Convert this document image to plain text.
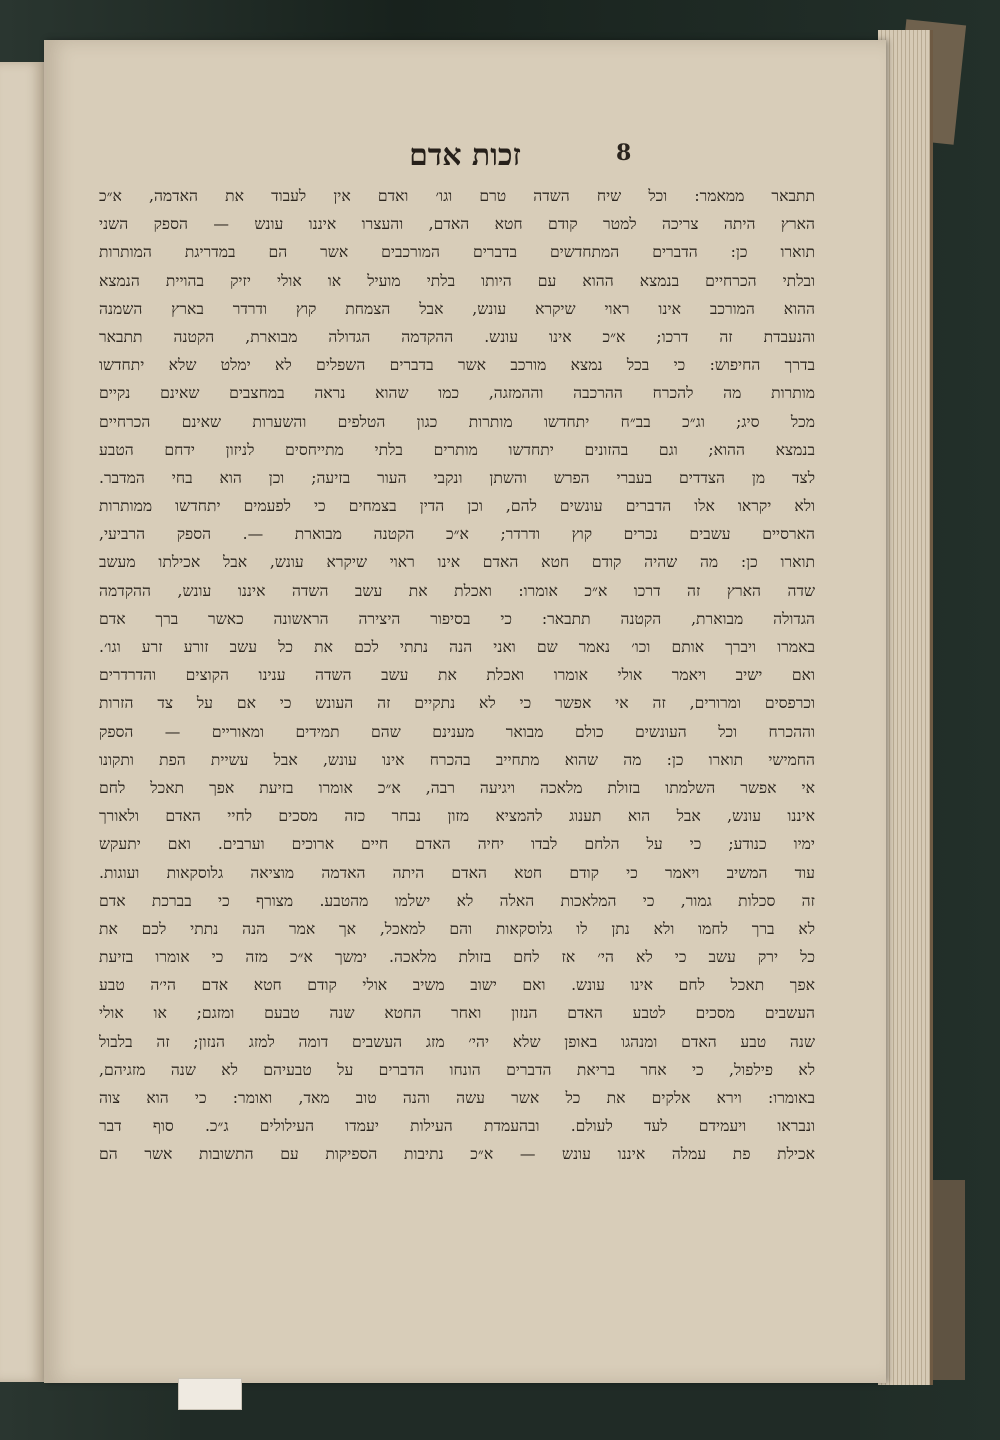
זכות אדם	8
תתבאר ממאמר: וכל שיח השדה טרם וגו׳ ואדם אין לעבוד את האדמה, א״כ
הארץ היתה צריכה למטר קודם חטא האדם, והעצרו איננו עונש — הספק השני
תוארו כן: הדברים המתחדשים בדברים המורכבים אשר הם במדריגת המותרות
ובלתי הכרחיים בנמצא ההוא עם היותו בלתי מועיל או אולי יזיק בהויית הנמצא
ההוא המורכב אינו ראוי שיקרא עונש, אבל הצמחת קוץ ודרדר בארץ השמנה
והנעבדת זה דרכו; א״כ אינו עונש. ההקדמה הגדולה מבוארת, הקטנה תתבאר
בדרך החיפוש: כי בכל נמצא מורכב אשר בדברים השפלים לא ימלט שלא יתחדשו
מותרות מה להכרח ההרכבה וההמזגה, כמו שהוא נראה במחצבים שאינם נקיים
מכל סיג; וג״כ בב״ח יתחדשו מותרות כגון הטלפים והשערות שאינם הכרחיים
בנמצא ההוא; וגם בהזונים יתחדשו מותרים בלתי מתייחסים לניזון ידחם הטבע
לצד מן הצדדים בעברי הפרש והשתן ונקבי העור בזיעה; וכן הוא בחי המדבר.
ולא יקראו אלו הדברים עונשים להם, וכן הדין בצמחים כי לפעמים יתחדשו ממותרות
הארסיים עשבים נכרים קוץ ודרדר; א״כ הקטנה מבוארת —. הספק הרביעי,
תוארו כן: מה שהיה קודם חטא האדם אינו ראוי שיקרא עונש, אבל אכילתו מעשב
שדה הארץ זה דרכו א״כ אומרו: ואכלת את עשב השדה איננו עונש, ההקדמה
הגדולה מבוארת, הקטנה תתבאר: כי בסיפור היצירה הראשונה כאשר ברך אדם
באמרו ויברך אותם וכו׳ נאמר שם ואני הנה נתתי לכם את כל עשב זורע זרע וגו׳.
ואם ישיב ויאמר אולי אומרו ואכלת את עשב השדה ענינו הקוצים והדרדרים
וכרפסים ומרורים, זה אי אפשר כי לא נתקיים זה העונש כי אם על צד הזרות
וההכרח וכל העונשים כולם מבואר מענינם שהם תמידים ומאוריים — הספק
החמישי תוארו כן: מה שהוא מתחייב בהכרח אינו עונש, אבל עשיית הפת ותקונו
אי אפשר השלמתו בזולת מלאכה ויגיעה רבה, א״כ אומרו בזיעת אפך תאכל לחם
איננו עונש, אבל הוא תענוג להמציא מזון נבחר כזה מסכים לחיי האדם ולאורך
ימיו כנודע; כי על הלחם לבדו יחיה האדם חיים ארוכים וערבים. ואם יתעקש
עוד המשיב ויאמר כי קודם חטא האדם היתה האדמה מוציאה גלוסקאות ועוגות.
זה סכלות גמור, כי המלאכות האלה לא ישלמו מהטבע. מצורף כי בברכת אדם
לא ברך לחמו ולא נתן לו גלוסקאות והם למאכל, אך אמר הנה נתתי לכם את
כל ירק עשב כי לא הי׳ אז לחם בזולת מלאכה. ימשך א״כ מזה כי אומרו בזיעת
אפך תאכל לחם אינו עונש. ואם ישוב משיב אולי קודם חטא אדם הי׳ה טבע
העשבים מסכים לטבע האדם הנזון ואחר החטא שנה טבעם ומזגם; או אולי
שנה טבע האדם ומנהגו באופן שלא יהי׳ מזג העשבים דומה למזג הנזון; זה בלבול
לא פילפול, כי אחר בריאת הדברים הונחו הדברים על טבעיהם לא שנה מזגיהם,
באומרו: וירא אלקים את כל אשר עשה והנה טוב מאד, ואומר: כי הוא צוה
ונבראו ויעמידם לעד לעולם. ובהעמדת העילות יעמדו העילולים ג״כ. סוף דבר
אכילת פת עמלה איננו עונש — א״כ נתיבות הספיקות עם התשובות אשר הם
